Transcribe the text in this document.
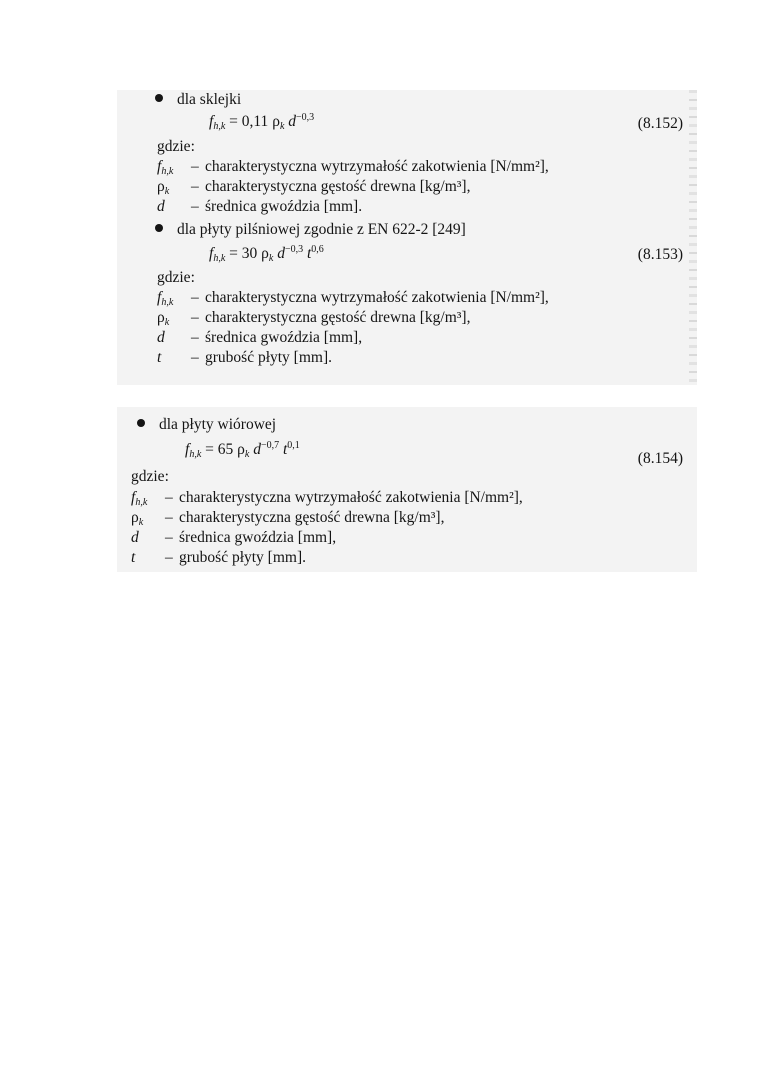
dla sklejki
$f_{h,k} = 0,11$ $\rho_k$ $d^{-0,3}$	(8.152)
gdzie:
$f_{h,k}$ – charakterystyczna wytrzymałość zakotwienia [N/mm²],
$\rho_k$ – charakterystyczna gęstość drewna [kg/m³],
d – średnica gwoździa [mm].
dla płyty pilśniowej zgodnie z EN 622-2 [249]
$f_{h,k} = 30$ $\rho_k$ $d^{-0,3}$ $t^{0,6}$	(8.153)
gdzie:
$f_{h,k}$ – charakterystyczna wytrzymałość zakotwienia [N/mm²],
$\rho_k$ – charakterystyczna gęstość drewna [kg/m³],
d – średnica gwoździa [mm],
t – grubość płyty [mm].
dla płyty wiórowej
$f_{h,k} = 65$ $\rho_k$ $d^{-0,7}$ $t^{0,1}$
(8.154)
gdzie:
$f_{h,k}$ – charakterystyczna wytrzymałość zakotwienia [N/mm²],
$\rho_k$ – charakterystyczna gęstość drewna [kg/m³],
d – średnica gwoździa [mm],
t – grubość płyty [mm].
